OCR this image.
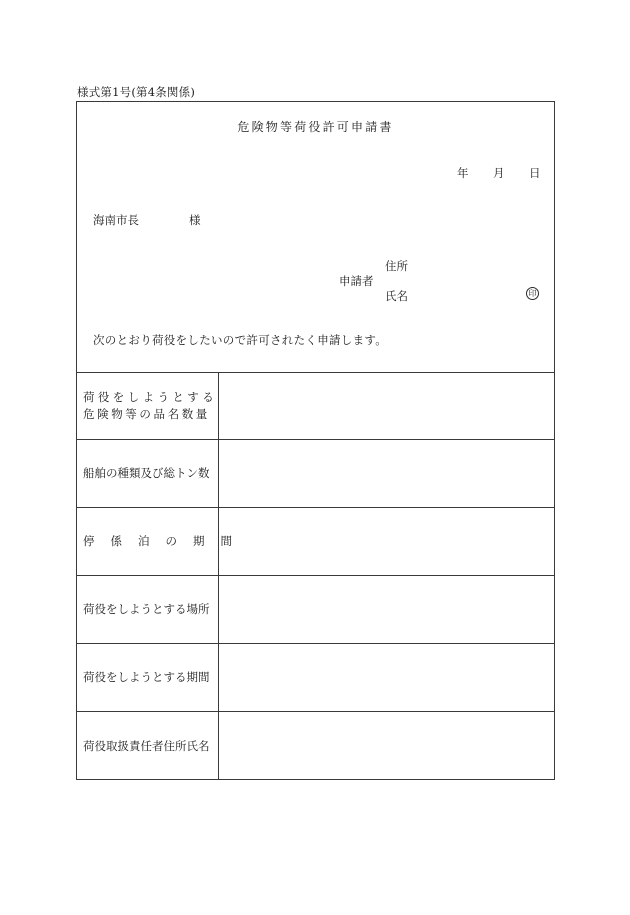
様式第1号(第4条関係)
危険物等荷役許可申請書
年 月 日
海南市長	様
住所
申請者
氏名	印
次のとおり荷役をしたいので許可されたく申請します。
荷役をしようとする
危険物等の品名数量
船舶の種類及び総トン数
停係泊の期間
荷役をしようとする場所
荷役をしようとする期間
荷役取扱責任者住所氏名
